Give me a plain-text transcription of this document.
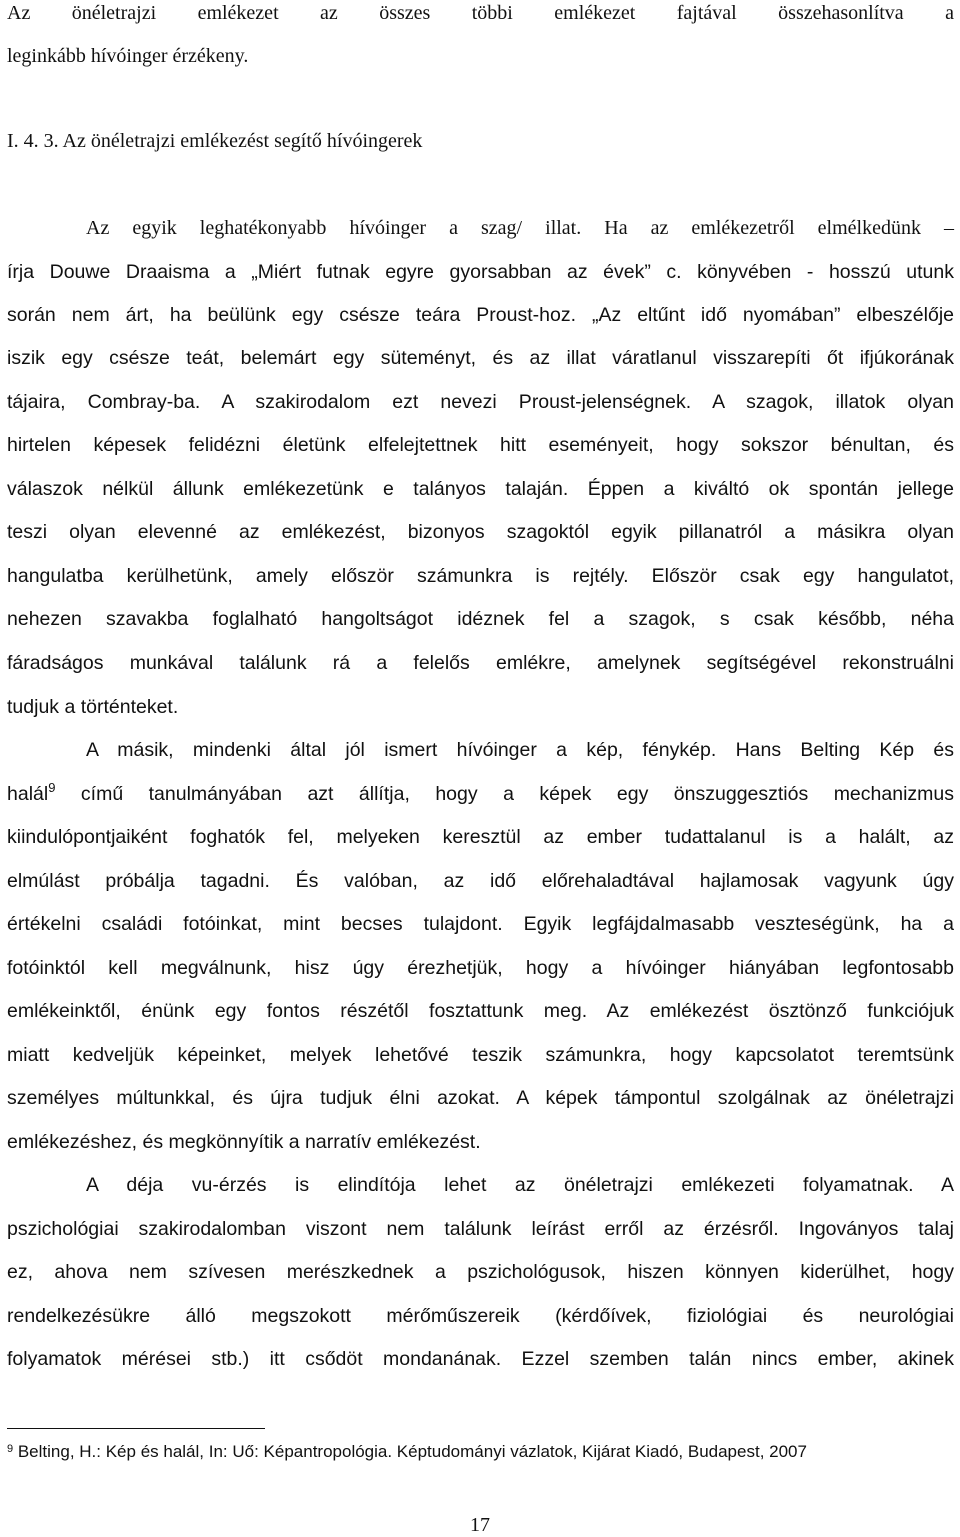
Az önéletrajzi emlékezet az összes többi emlékezet fajtával összehasonlítva a
leginkább hívóinger érzékeny.
I. 4. 3. Az önéletrajzi emlékezést segítő hívóingerek
Az egyik leghatékonyabb hívóinger a szag/ illat. Ha az emlékezetről elmélkedünk –
írja Douwe Draaisma a „Miért futnak egyre gyorsabban az évek” c. könyvében - hosszú utunk
során nem árt, ha beülünk egy csésze teára Proust-hoz. „Az eltűnt idő nyomában” elbeszélője
iszik egy csésze teát, belemárt egy süteményt, és az illat váratlanul visszarepíti őt ifjúkorának
tájaira, Combray-ba. A szakirodalom ezt nevezi Proust-jelenségnek. A szagok, illatok olyan
hirtelen képesek felidézni életünk elfelejtettnek hitt eseményeit, hogy sokszor bénultan, és
válaszok nélkül állunk emlékezetünk e talányos talaján. Éppen a kiváltó ok spontán jellege
teszi olyan elevenné az emlékezést, bizonyos szagoktól egyik pillanatról a másikra olyan
hangulatba kerülhetünk, amely először számunkra is rejtély. Először csak egy hangulatot,
nehezen szavakba foglalható hangoltságot idéznek fel a szagok, s csak később, néha
fáradságos munkával találunk rá a felelős emlékre, amelynek segítségével rekonstruálni
tudjuk a történteket.
A másik, mindenki által jól ismert hívóinger a kép, fénykép. Hans Belting Kép és
halál$^9$ című tanulmányában azt állítja, hogy a képek egy önszuggesztiós mechanizmus
kiindulópontjaiként foghatók fel, melyeken keresztül az ember tudattalanul is a halált, az
elmúlást próbálja tagadni. És valóban, az idő előrehaladtával hajlamosak vagyunk úgy
értékelni családi fotóinkat, mint becses tulajdont. Egyik legfájdalmasabb veszteségünk, ha a
fotóinktól kell megválnunk, hisz úgy érezhetjük, hogy a hívóinger hiányában legfontosabb
emlékeinktől, énünk egy fontos részétől fosztattunk meg. Az emlékezést ösztönző funkciójuk
miatt kedveljük képeinket, melyek lehetővé teszik számunkra, hogy kapcsolatot teremtsünk
személyes múltunkkal, és újra tudjuk élni azokat. A képek támpontul szolgálnak az önéletrajzi
emlékezéshez, és megkönnyítik a narratív emlékezést.
A déja vu-érzés is elindítója lehet az önéletrajzi emlékezeti folyamatnak. A
pszichológiai szakirodalomban viszont nem találunk leírást erről az érzésről. Ingoványos talaj
ez, ahova nem szívesen merészkednek a pszichológusok, hiszen könnyen kiderülhet, hogy
rendelkezésükre álló megszokott mérőműszereik (kérdőívek, fiziológiai és neurológiai
folyamatok mérései stb.) itt csődöt mondanának. Ezzel szemben talán nincs ember, akinek
$^9$ Belting, H.: Kép és halál, In: Uő: Képantropológia. Képtudományi vázlatok, Kijárat Kiadó, Budapest, 2007
17
